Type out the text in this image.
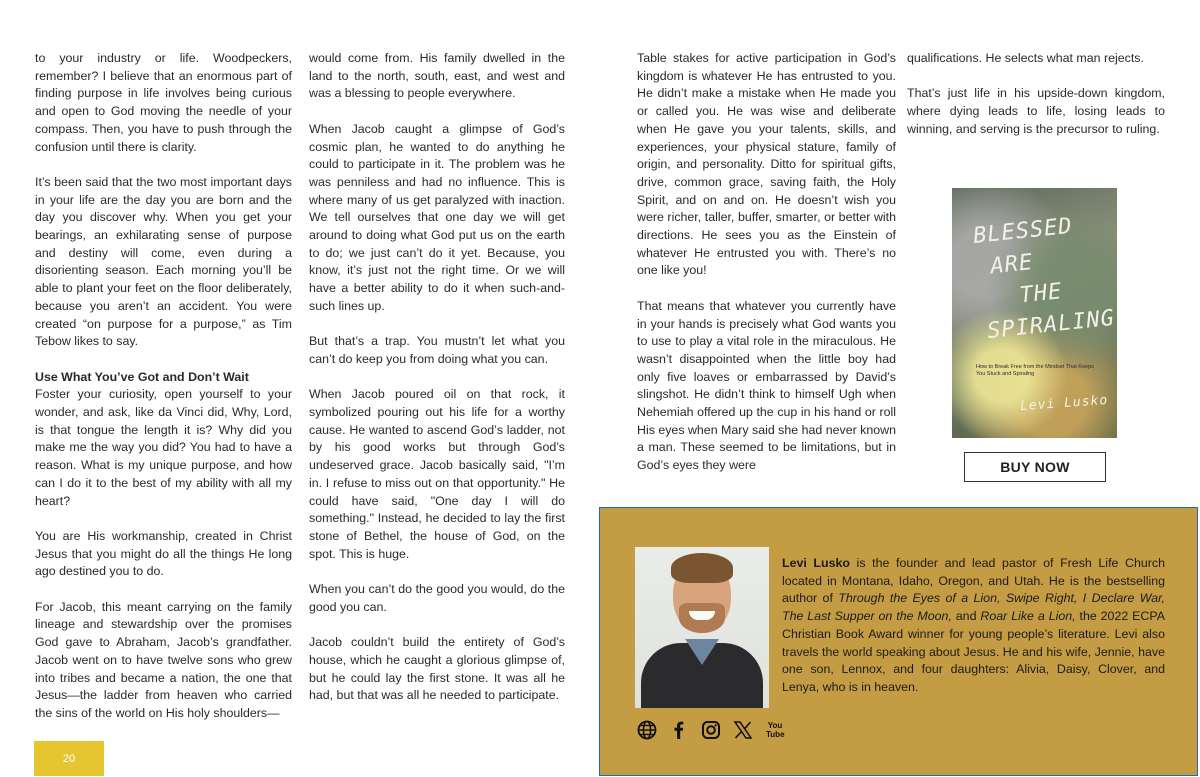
to your industry or life. Woodpeckers, remember? I believe that an enormous part of finding purpose in life involves being curious and open to God moving the needle of your compass. Then, you have to push through the confusion until there is clarity.

It’s been said that the two most important days in your life are the day you are born and the day you discover why. When you get your bearings, an exhilarating sense of purpose and destiny will come, even during a disorienting season. Each morning you’ll be able to plant your feet on the floor deliberately, because you aren’t an accident. You were created “on purpose for a purpose,” as Tim Tebow likes to say.

Use What You’ve Got and Don’t Wait

Foster your curiosity, open yourself to your wonder, and ask, like da Vinci did, Why, Lord, is that tongue the length it is? Why did you make me the way you did? You had to have a reason. What is my unique purpose, and how can I do it to the best of my ability with all my heart?

You are His workmanship, created in Christ Jesus that you might do all the things He long ago destined you to do.

For Jacob, this meant carrying on the family lineage and stewardship over the promises God gave to Abraham, Jacob’s grandfather. Jacob went on to have twelve sons who grew into tribes and became a nation, the one that Jesus—the ladder from heaven who carried the sins of the world on His holy shoulders—

would come from. His family dwelled in the land to the north, south, east, and west and was a blessing to people everywhere.

When Jacob caught a glimpse of God’s cosmic plan, he wanted to do anything he could to participate in it. The problem was he was penniless and had no influence. This is where many of us get paralyzed with inaction. We tell ourselves that one day we will get around to doing what God put us on the earth to do; we just can’t do it yet. Because, you know, it’s just not the right time. Or we will have a better ability to do it when such-and-such lines up.

But that’s a trap. You mustn’t let what you can’t do keep you from doing what you can.

When Jacob poured oil on that rock, it symbolized pouring out his life for a worthy cause. He wanted to ascend God’s ladder, not by his good works but through God’s undeserved grace. Jacob basically said, "I’m in. I refuse to miss out on that opportunity." He could have said, "One day I will do something." Instead, he decided to lay the first stone of Bethel, the house of God, on the spot. This is huge.

When you can’t do the good you would, do the good you can.

Jacob couldn’t build the entirety of God’s house, which he caught a glorious glimpse of, but he could lay the first stone. It was all he had, but that was all he needed to participate.

Table stakes for active participation in God’s kingdom is whatever He has entrusted to you. He didn’t make a mistake when He made you or called you. He was wise and deliberate when He gave you your talents, skills, and experiences, your physical stature, family of origin, and personality. Ditto for spiritual gifts, drive, common grace, saving faith, the Holy Spirit, and on and on. He doesn’t wish you were richer, taller, buffer, smarter, or better with directions. He sees you as the Einstein of whatever He entrusted you with. There’s no one like you!

That means that whatever you currently have in your hands is precisely what God wants you to use to play a vital role in the miraculous. He wasn’t disappointed when the little boy had only five loaves or embarrassed by David’s slingshot. He didn’t think to himself Ugh when Nehemiah offered up the cup in his hand or roll His eyes when Mary said she had never known a man. These seemed to be limitations, but in God’s eyes they were

qualifications. He selects what man rejects.

That’s just life in his upside-down kingdom, where dying leads to life, losing leads to winning, and serving is the precursor to ruling.

BLESSED
ARE
THE
SPIRALING
How to Break Free from the Mindset That Keeps You Stuck and Spiraling
Levi Lusko
BUY NOW
Levi Lusko is the founder and lead pastor of Fresh Life Church located in Montana, Idaho, Oregon, and Utah. He is the bestselling author of Through the Eyes of a Lion, Swipe Right, I Declare War, The Last Supper on the Moon, and Roar Like a Lion, the 2022 ECPA Christian Book Award winner for young people’s literature. Levi also travels the world speaking about Jesus. He and his wife, Jennie, have one son, Lennox, and four daughters: Alivia, Daisy, Clover, and Lenya, who is in heaven.
You Tube
20
